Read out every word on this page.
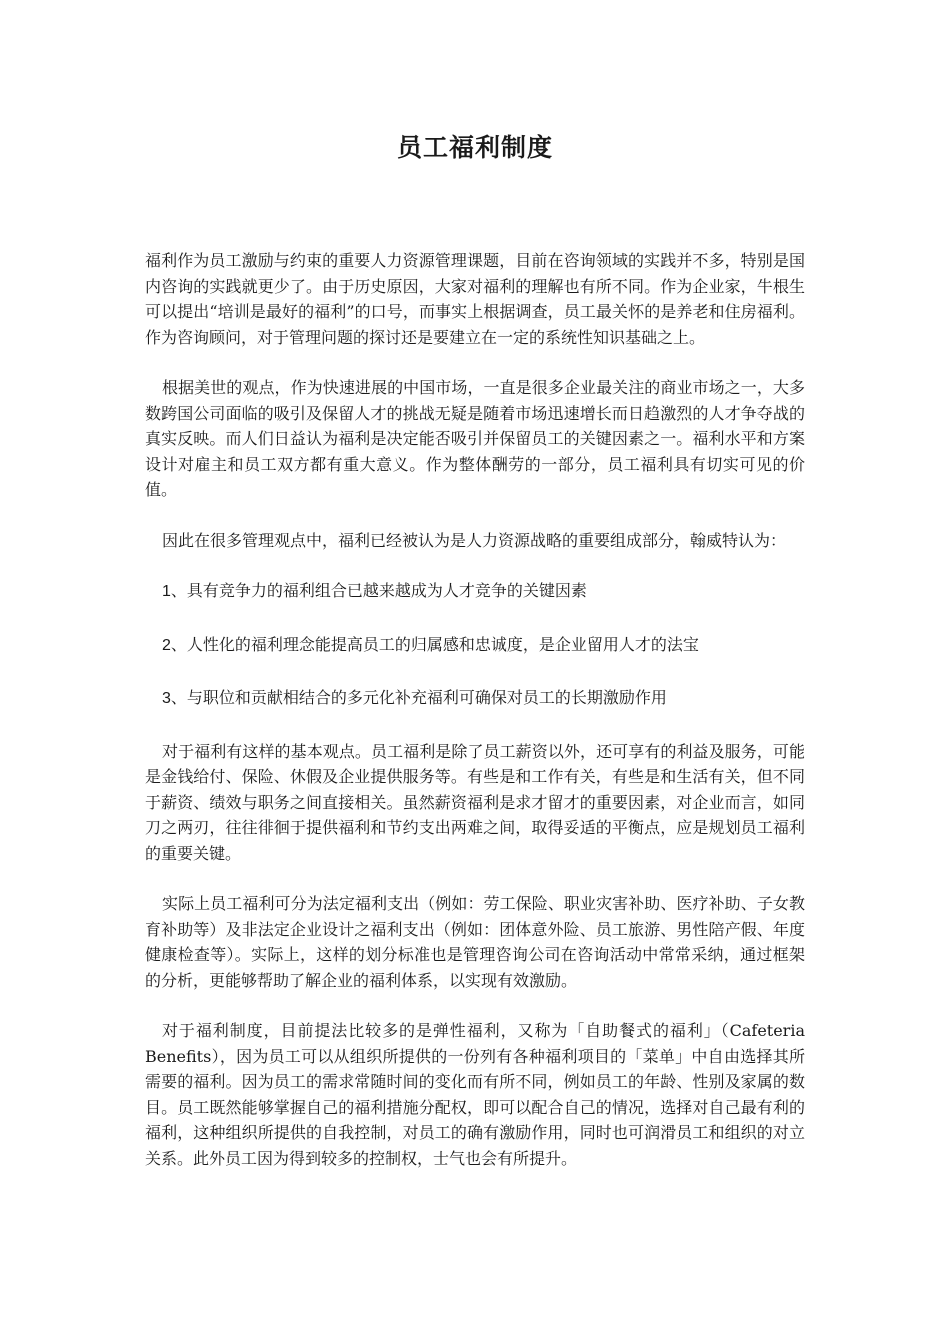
员工福利制度

福利作为员工激励与约束的重要人力资源管理课题，目前在咨询领域的实践并不多，特别是国内咨询的实践就更少了。由于历史原因，大家对福利的理解也有所不同。作为企业家，牛根生可以提出“培训是最好的福利”的口号，而事实上根据调查，员工最关怀的是养老和住房福利。作为咨询顾问，对于管理问题的探讨还是要建立在一定的系统性知识基础之上。

根据美世的观点，作为快速进展的中国市场，一直是很多企业最关注的商业市场之一，大多数跨国公司面临的吸引及保留人才的挑战无疑是随着市场迅速增长而日趋激烈的人才争夺战的真实反映。而人们日益认为福利是决定能否吸引并保留员工的关键因素之一。福利水平和方案设计对雇主和员工双方都有重大意义。作为整体酬劳的一部分，员工福利具有切实可见的价值。

因此在很多管理观点中，福利已经被认为是人力资源战略的重要组成部分，翰威特认为：

1、具有竞争力的福利组合已越来越成为人才竞争的关键因素
2、人性化的福利理念能提高员工的归属感和忠诚度，是企业留用人才的法宝
3、与职位和贡献相结合的多元化补充福利可确保对员工的长期激励作用

对于福利有这样的基本观点。员工福利是除了员工薪资以外，还可享有的利益及服务，可能是金钱给付、保险、休假及企业提供服务等。有些是和工作有关，有些是和生活有关，但不同于薪资、绩效与职务之间直接相关。虽然薪资福利是求才留才的重要因素，对企业而言，如同刀之两刃，往往徘徊于提供福利和节约支出两难之间，取得妥适的平衡点，应是规划员工福利的重要关键。

实际上员工福利可分为法定福利支出（例如：劳工保险、职业灾害补助、医疗补助、子女教育补助等）及非法定企业设计之福利支出（例如：团体意外险、员工旅游、男性陪产假、年度健康检查等）。实际上，这样的划分标准也是管理咨询公司在咨询活动中常常采纳，通过框架的分析，更能够帮助了解企业的福利体系，以实现有效激励。

对于福利制度，目前提法比较多的是弹性福利，又称为「自助餐式的福利」（Cafeteria Benefits），因为员工可以从组织所提供的一份列有各种福利项目的「菜单」中自由选择其所需要的福利。因为员工的需求常随时间的变化而有所不同，例如员工的年龄、性别及家属的数目。员工既然能够掌握自己的福利措施分配权，即可以配合自己的情况，选择对自己最有利的福利，这种组织所提供的自我控制，对员工的确有激励作用，同时也可润滑员工和组织的对立关系。此外员工因为得到较多的控制权，士气也会有所提升。
